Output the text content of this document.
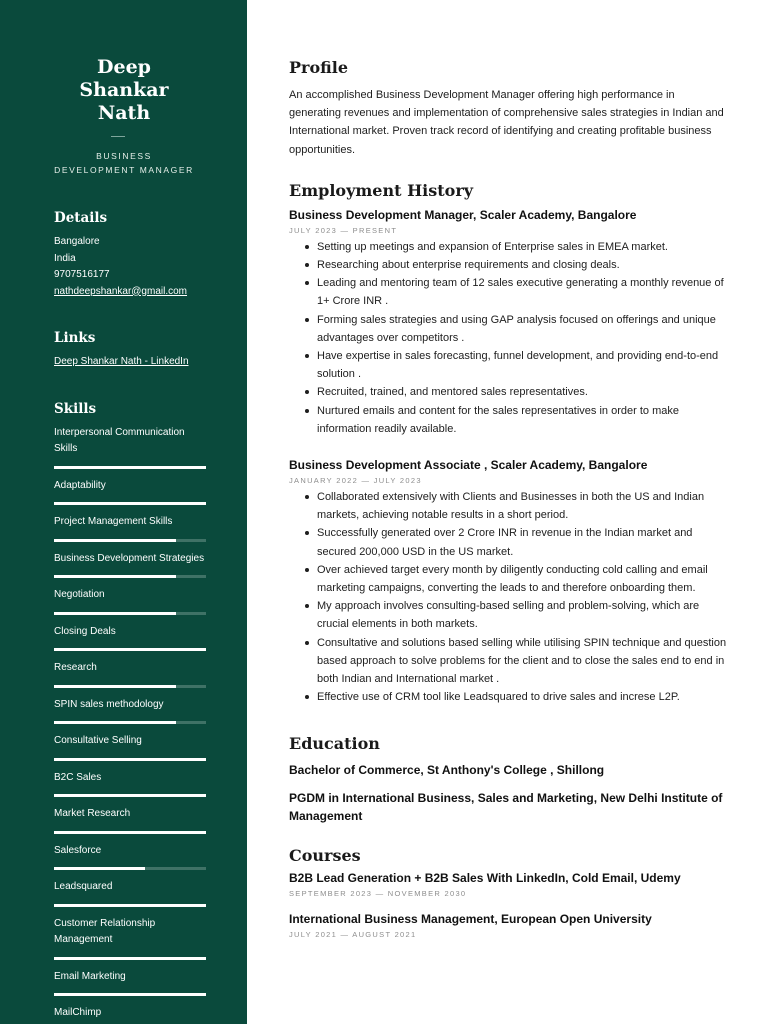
Deep Shankar Nath
BUSINESS DEVELOPMENT MANAGER
Details
Bangalore
India
9707516177
nathdeepshankar@gmail.com
Links
Deep Shankar Nath - LinkedIn
Skills
Interpersonal Communication Skills
Adaptability
Project Management Skills
Business Development Strategies
Negotiation
Closing Deals
Research
SPIN sales methodology
Consultative Selling
B2C Sales
Market Research
Salesforce
Leadsquared
Customer Relationship Management
Email Marketing
MailChimp
Profile

An accomplished Business Development Manager offering high performance in generating revenues and implementation of comprehensive sales strategies in Indian and International market. Proven track record of identifying and creating profitable business opportunities.

Employment History
Business Development Manager, Scaler Academy, Bangalore
JULY 2023 — PRESENT
Setting up meetings and expansion of Enterprise sales in EMEA market.
Researching about enterprise requirements and closing deals.
Leading and mentoring team of 12 sales executive generating a monthly revenue of 1+ Crore INR .
Forming sales strategies and using GAP analysis focused on offerings and unique advantages over competitors .
Have expertise in sales forecasting, funnel development, and providing end-to-end solution .
Recruited, trained, and mentored sales representatives.
Nurtured emails and content for the sales representatives in order to make information readily available.
Business Development Associate , Scaler Academy, Bangalore
JANUARY 2022 — JULY 2023
Collaborated extensively with Clients and Businesses in both the US and Indian markets, achieving notable results in a short period.
Successfully generated over 2 Crore INR in revenue in the Indian market and secured 200,000 USD in the US market.
Over achieved target every month by diligently conducting cold calling and email marketing campaigns, converting the leads to and therefore onboarding them.
My approach involves consulting-based selling and problem-solving, which are crucial elements in both markets.
Consultative and solutions based selling while utilising SPIN technique and question based approach to solve problems for the client and to close the sales end to end in both Indian and International market .
Effective use of CRM tool like Leadsquared to drive sales and increse L2P.
Education
Bachelor of Commerce, St Anthony's College , Shillong
PGDM in International Business, Sales and Marketing, New Delhi Institute of Management
Courses
B2B Lead Generation + B2B Sales With LinkedIn, Cold Email, Udemy
SEPTEMBER 2023 — NOVEMBER 2030
International Business Management, European Open University
JULY 2021 — AUGUST 2021
